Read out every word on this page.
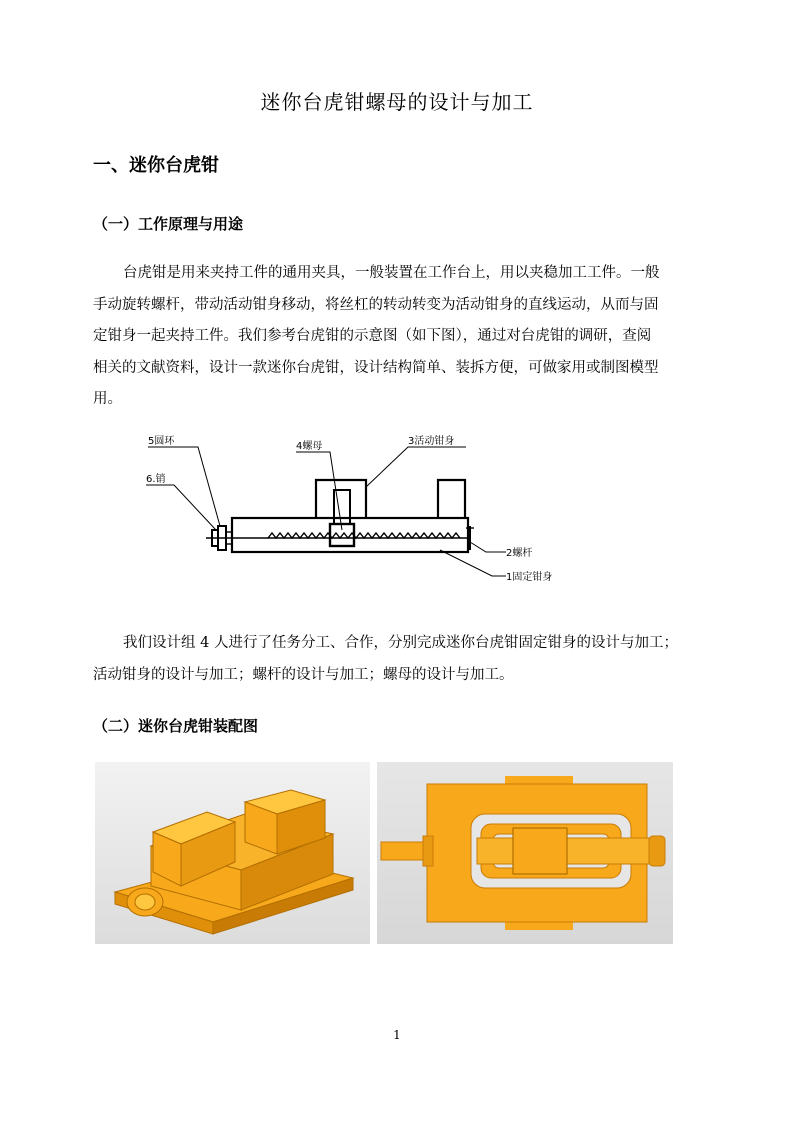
迷你台虎钳螺母的设计与加工
一、迷你台虎钳
（一）工作原理与用途
台虎钳是用来夹持工件的通用夹具，一般装置在工作台上，用以夹稳加工工件。一般
手动旋转螺杆，带动活动钳身移动，将丝杠的转动转变为活动钳身的直线运动，从而与固
定钳身一起夹持工件。我们参考台虎钳的示意图（如下图），通过对台虎钳的调研，查阅
相关的文献资料，设计一款迷你台虎钳，设计结构简单、装拆方便，可做家用或制图模型
用。
5圆环
6.销
4螺母	3活动钳身
2螺杆
1固定钳身
我们设计组 4 人进行了任务分工、合作，分别完成迷你台虎钳固定钳身的设计与加工；
活动钳身的设计与加工；螺杆的设计与加工；螺母的设计与加工。
（二）迷你台虎钳装配图
1
